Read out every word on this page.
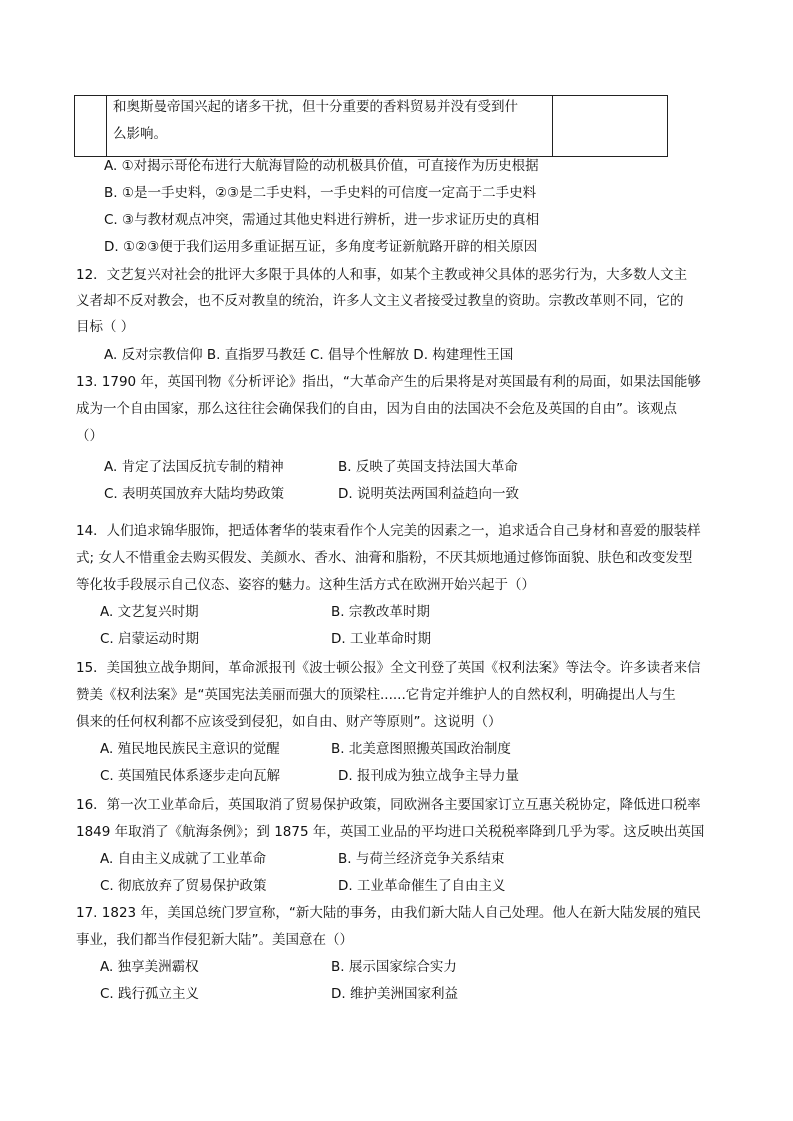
和奥斯曼帝国兴起的诸多干扰，但十分重要的香料贸易并没有受到什
么影响。
A. ①对揭示哥伦布进行大航海冒险的动机极具价值，可直接作为历史根据
B. ①是一手史料，②③是二手史料，一手史料的可信度一定高于二手史料
C. ③与教材观点冲突，需通过其他史料进行辨析，进一步求证历史的真相
D. ①②③便于我们运用多重证据互证，多角度考证新航路开辟的相关原因
12．文艺复兴对社会的批评大多限于具体的人和事，如某个主教或神父具体的恶劣行为，大多数人文主
义者却不反对教会，也不反对教皇的统治，许多人文主义者接受过教皇的资助。宗教改革则不同，它的
目标（ ）
A. 反对宗教信仰 B. 直指罗马教廷 C. 倡导个性解放 D. 构建理性王国
13. 1790 年，英国刊物《分析评论》指出，“大革命产生的后果将是对英国最有利的局面，如果法国能够
成为一个自由国家，那么这往往会确保我们的自由，因为自由的法国决不会危及英国的自由”。该观点
（）
A. 肯定了法国反抗专制的精神	B. 反映了英国支持法国大革命
C. 表明英国放弃大陆均势政策	D. 说明英法两国利益趋向一致
14．人们追求锦华服饰，把适体奢华的装束看作个人完美的因素之一，追求适合自己身材和喜爱的服装样
式; 女人不惜重金去购买假发、美颜水、香水、油膏和脂粉，不厌其烦地通过修饰面貌、肤色和改变发型
等化妆手段展示自己仪态、姿容的魅力。这种生活方式在欧洲开始兴起于（）
A. 文艺复兴时期	B. 宗教改革时期
C. 启蒙运动时期	D. 工业革命时期
15．美国独立战争期间，革命派报刊《波士顿公报》全文刊登了英国《权利法案》等法令。许多读者来信
赞美《权利法案》是“英国宪法美丽而强大的顶梁柱......它肯定并维护人的自然权利，明确提出人与生
俱来的任何权利都不应该受到侵犯，如自由、财产等原则”。这说明（）
A. 殖民地民族民主意识的觉醒	B. 北美意图照搬英国政治制度
C. 英国殖民体系逐步走向瓦解	D. 报刊成为独立战争主导力量
16．第一次工业革命后，英国取消了贸易保护政策，同欧洲各主要国家订立互惠关税协定，降低进口税率
1849 年取消了《航海条例》；到 1875 年，英国工业品的平均进口关税税率降到几乎为零。这反映出英国
A. 自由主义成就了工业革命	B. 与荷兰经济竞争关系结束
C. 彻底放弃了贸易保护政策	D. 工业革命催生了自由主义
17. 1823 年，美国总统门罗宣称，“新大陆的事务，由我们新大陆人自己处理。他人在新大陆发展的殖民
事业，我们都当作侵犯新大陆”。美国意在（）
A. 独享美洲霸权	B. 展示国家综合实力
C. 践行孤立主义	D. 维护美洲国家利益
